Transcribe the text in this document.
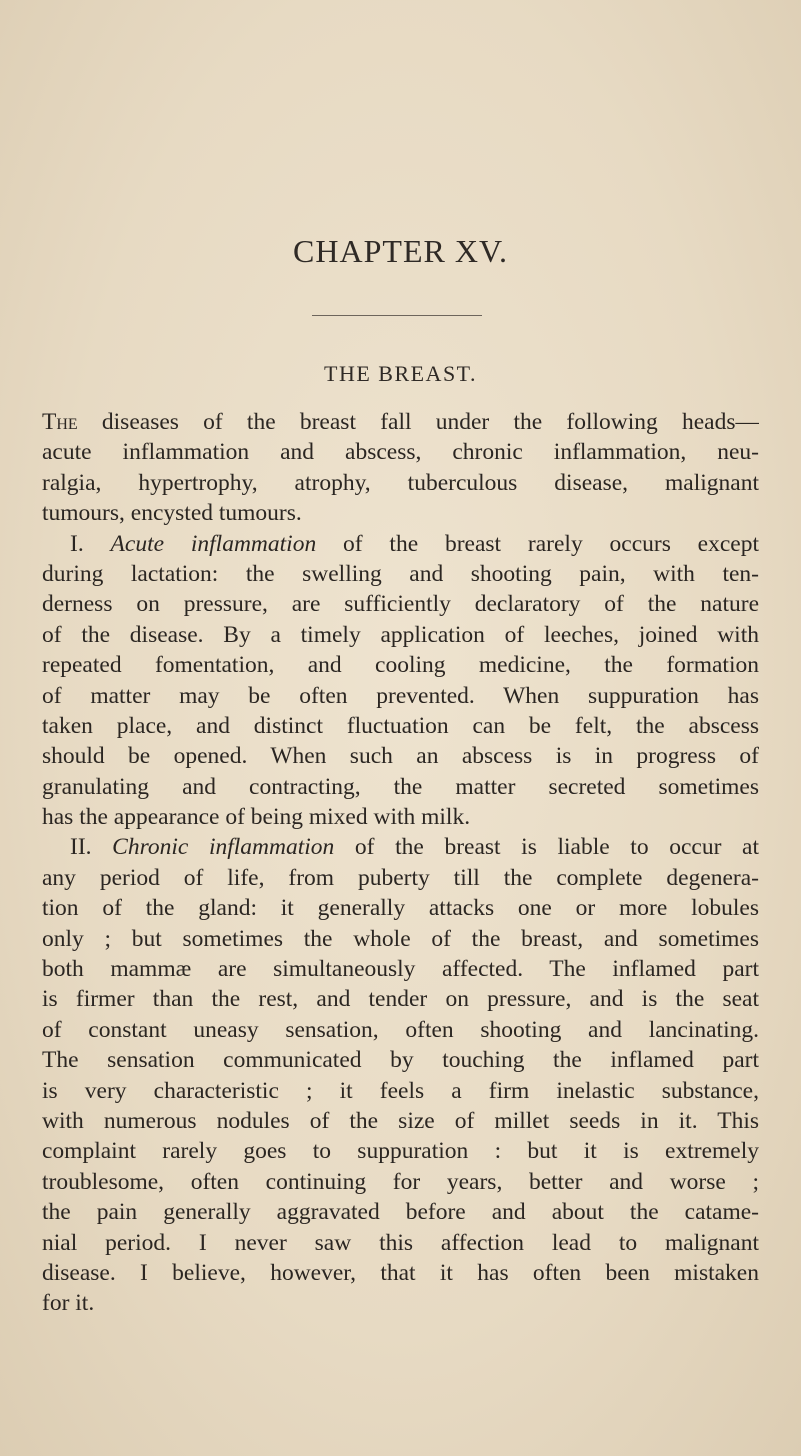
CHAPTER XV.
THE BREAST.
The diseases of the breast fall under the following heads—
acute inflammation and abscess, chronic inflammation, neu-
ralgia, hypertrophy, atrophy, tuberculous disease, malignant
tumours, encysted tumours.
I. Acute inflammation of the breast rarely occurs except
during lactation: the swelling and shooting pain, with ten-
derness on pressure, are sufficiently declaratory of the nature
of the disease. By a timely application of leeches, joined with
repeated fomentation, and cooling medicine, the formation
of matter may be often prevented. When suppuration has
taken place, and distinct fluctuation can be felt, the abscess
should be opened. When such an abscess is in progress of
granulating and contracting, the matter secreted sometimes
has the appearance of being mixed with milk.
II. Chronic inflammation of the breast is liable to occur at
any period of life, from puberty till the complete degenera-
tion of the gland: it generally attacks one or more lobules
only ; but sometimes the whole of the breast, and sometimes
both mammæ are simultaneously affected. The inflamed part
is firmer than the rest, and tender on pressure, and is the seat
of constant uneasy sensation, often shooting and lancinating.
The sensation communicated by touching the inflamed part
is very characteristic ; it feels a firm inelastic substance,
with numerous nodules of the size of millet seeds in it. This
complaint rarely goes to suppuration : but it is extremely
troublesome, often continuing for years, better and worse ;
the pain generally aggravated before and about the catame-
nial period. I never saw this affection lead to malignant
disease. I believe, however, that it has often been mistaken
for it.
